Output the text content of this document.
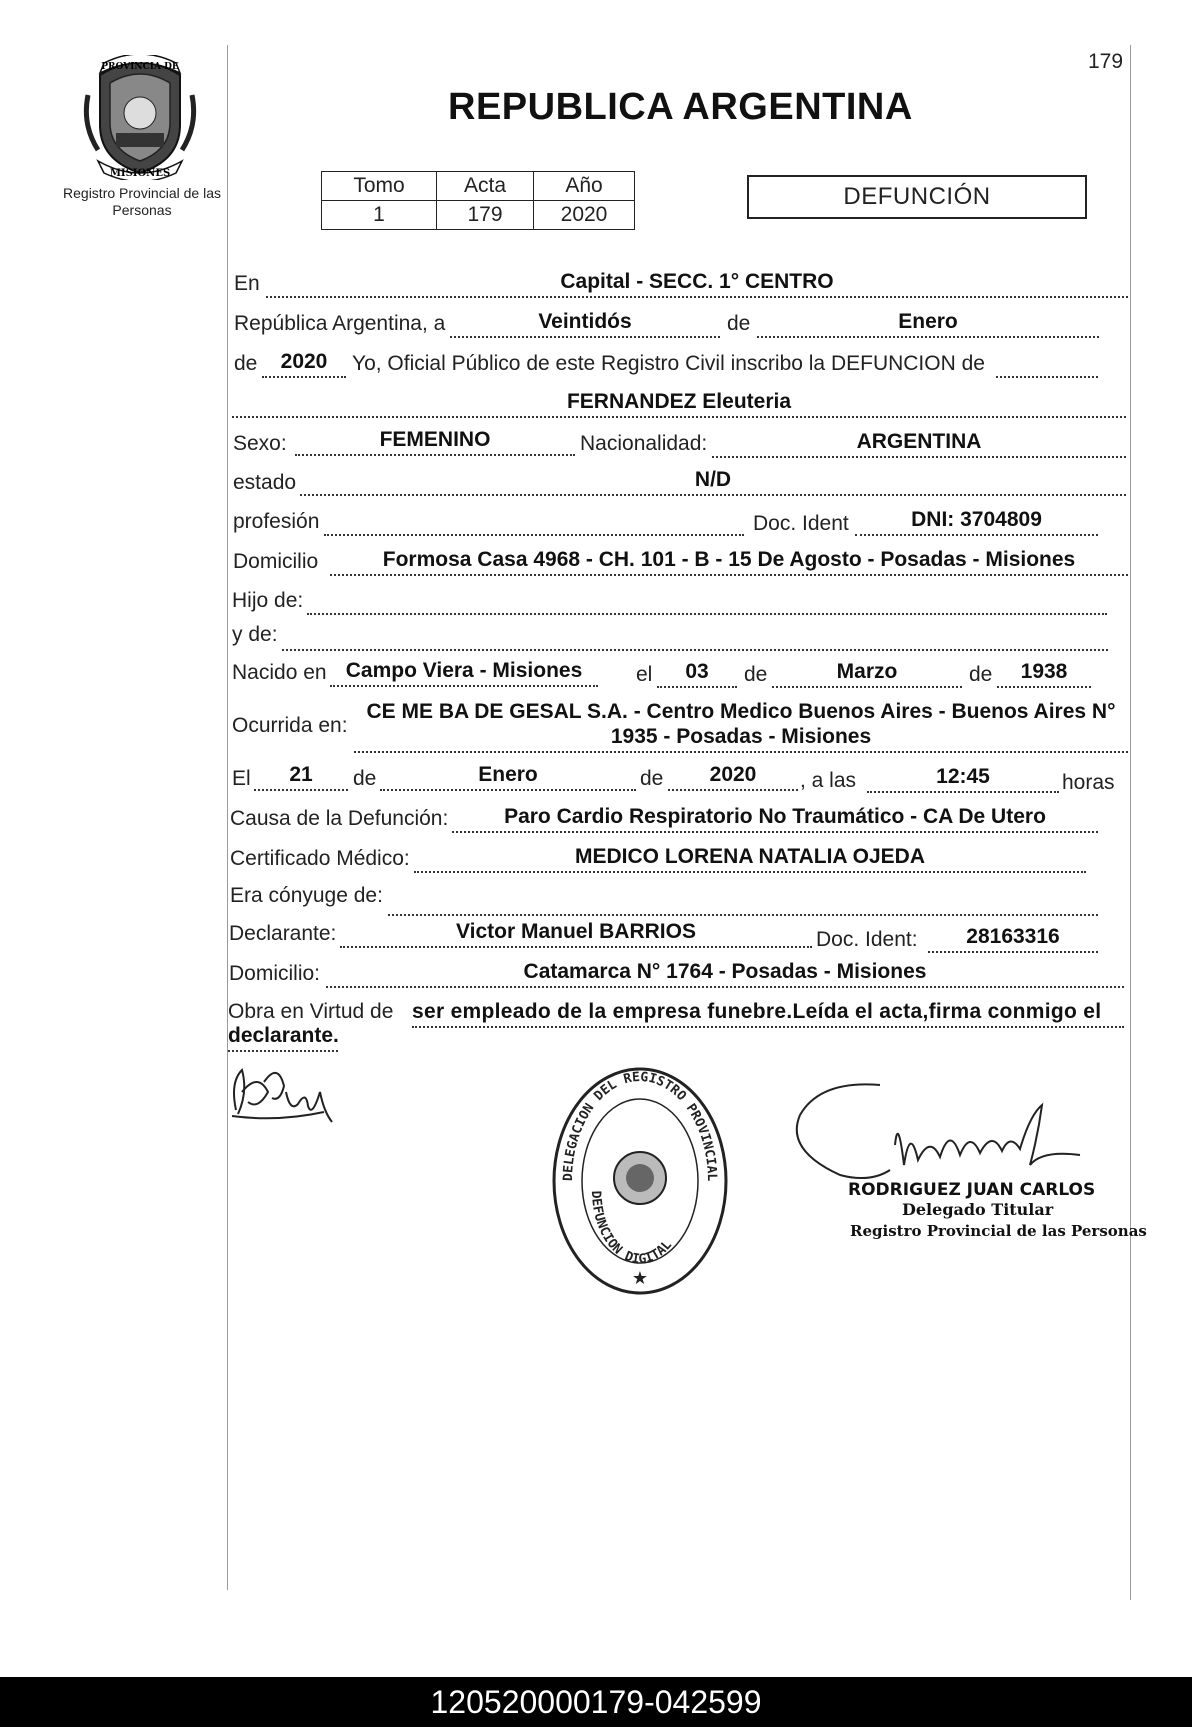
PROVINCIA DE
MISIONES
Registro Provincial de las Personas
179
REPUBLICA ARGENTINA
Tomo	Acta	Año
1	179	2020
DEFUNCIÓN
En	Capital - SECC. 1° CENTRO
República Argentina, a	Veintidós	de	Enero
de	2020	Yo, Oficial Público de este Registro Civil inscribo la DEFUNCION de
FERNANDEZ Eleuteria
Sexo:	FEMENINO	Nacionalidad:	ARGENTINA
estado	N/D
profesión	Doc. Ident	DNI: 3704809
Domicilio	Formosa Casa 4968 - CH. 101 - B - 15 De Agosto - Posadas - Misiones
Hijo de:
y de:
Nacido en Campo Viera - Misiones	el	03	de	Marzo	de	1938
Ocurrida en:
CE ME BA DE GESAL S.A. - Centro Medico Buenos Aires - Buenos Aires N°
1935 - Posadas - Misiones
El	21	de	Enero	de	2020	, a las	12:45	horas
Causa de la Defunción:	Paro Cardio Respiratorio No Traumático - CA De Utero
Certificado Médico:	MEDICO LORENA NATALIA OJEDA
Era cónyuge de:
Declarante:	Victor Manuel BARRIOS	Doc. Ident:	28163316
Domicilio:	Catamarca N° 1764 - Posadas - Misiones
Obra en Virtud de ser empleado de la empresa funebre.Leída el acta,firma conmigo el
declarante.
DELEGACION DEL REGISTRO PROVINCIAL
DEFUNCION DIGITAL
★
RODRIGUEZ JUAN CARLOS
Delegado Titular
Registro Provincial de las Personas
120520000179-042599
